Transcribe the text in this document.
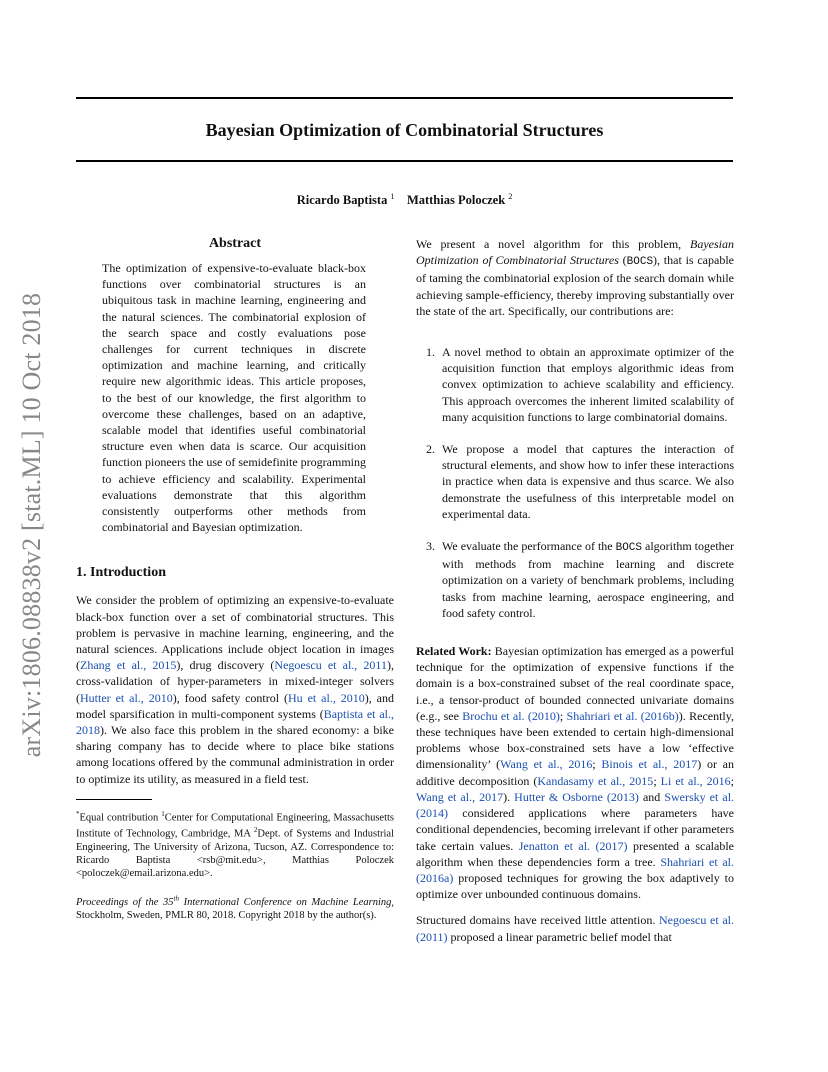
Bayesian Optimization of Combinatorial Structures
Ricardo Baptista $^1$ Matthias Poloczek $^2$
arXiv:1806.08838v2 [stat.ML] 10 Oct 2018
Abstract

The optimization of expensive-to-evaluate black-box functions over combinatorial structures is an ubiquitous task in machine learning, engineering and the natural sciences. The combinatorial explosion of the search space and costly evaluations pose challenges for current techniques in discrete optimization and machine learning, and critically require new algorithmic ideas. This article proposes, to the best of our knowledge, the first algorithm to overcome these challenges, based on an adaptive, scalable model that identifies useful combinatorial structure even when data is scarce. Our acquisition function pioneers the use of semidefinite programming to achieve efficiency and scalability. Experimental evaluations demonstrate that this algorithm consistently outperforms other methods from combinatorial and Bayesian optimization.

1. Introduction

We consider the problem of optimizing an expensive-to-evaluate black-box function over a set of combinatorial structures. This problem is pervasive in machine learning, engineering, and the natural sciences. Applications include object location in images (Zhang et al., 2015), drug discovery (Negoescu et al., 2011), cross-validation of hyper-parameters in mixed-integer solvers (Hutter et al., 2010), food safety control (Hu et al., 2010), and model sparsification in multi-component systems (Baptista et al., 2018). We also face this problem in the shared economy: a bike sharing company has to decide where to place bike stations among locations offered by the communal administration in order to optimize its utility, as measured in a field test.

*Equal contribution $^1$Center for Computational Engineering, Massachusetts Institute of Technology, Cambridge, MA $^2$Dept. of Systems and Industrial Engineering, The University of Arizona, Tucson, AZ. Correspondence to: Ricardo Baptista <rsb@mit.edu>, Matthias Poloczek <poloczek@email.arizona.edu>.

Proceedings of the 35th International Conference on Machine Learning, Stockholm, Sweden, PMLR 80, 2018. Copyright 2018 by the author(s).

We present a novel algorithm for this problem, Bayesian Optimization of Combinatorial Structures (BOCS), that is capable of taming the combinatorial explosion of the search domain while achieving sample-efficiency, thereby improving substantially over the state of the art. Specifically, our contributions are:

1. A novel method to obtain an approximate optimizer of the acquisition function that employs algorithmic ideas from convex optimization to achieve scalability and efficiency. This approach overcomes the inherent limited scalability of many acquisition functions to large combinatorial domains.

2. We propose a model that captures the interaction of structural elements, and show how to infer these interactions in practice when data is expensive and thus scarce. We also demonstrate the usefulness of this interpretable model on experimental data.

3. We evaluate the performance of the BOCS algorithm together with methods from machine learning and discrete optimization on a variety of benchmark problems, including tasks from machine learning, aerospace engineering, and food safety control.

Related Work: Bayesian optimization has emerged as a powerful technique for the optimization of expensive functions if the domain is a box-constrained subset of the real coordinate space, i.e., a tensor-product of bounded connected univariate domains (e.g., see Brochu et al. (2010); Shahriari et al. (2016b)). Recently, these techniques have been extended to certain high-dimensional problems whose box-constrained sets have a low ‘effective dimensionality’ (Wang et al., 2016; Binois et al., 2017) or an additive decomposition (Kandasamy et al., 2015; Li et al., 2016; Wang et al., 2017). Hutter & Osborne (2013) and Swersky et al. (2014) considered applications where parameters have conditional dependencies, becoming irrelevant if other parameters take certain values. Jenatton et al. (2017) presented a scalable algorithm when these dependencies form a tree. Shahriari et al. (2016a) proposed techniques for growing the box adaptively to optimize over unbounded continuous domains.

Structured domains have received little attention. Negoescu et al. (2011) proposed a linear parametric belief model that
